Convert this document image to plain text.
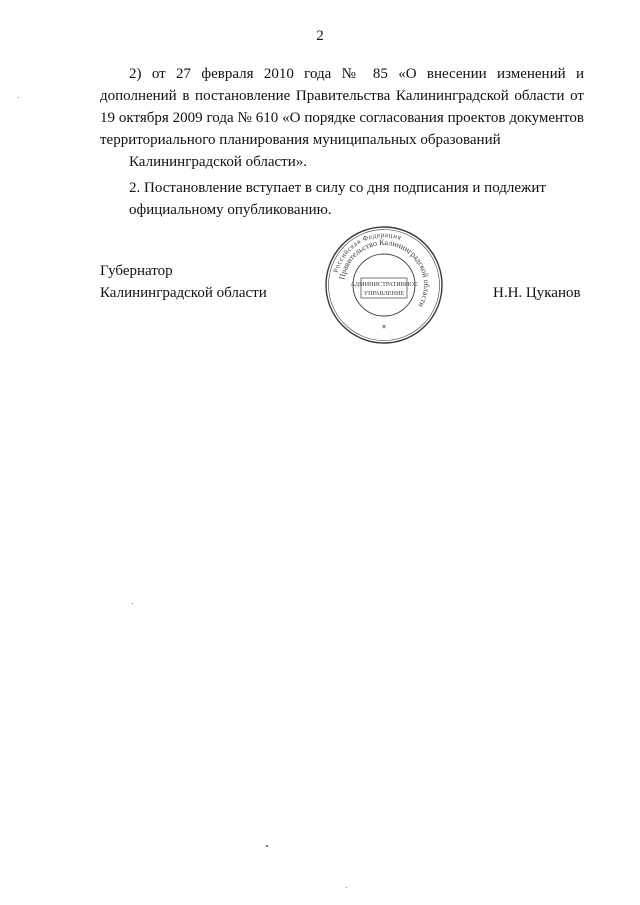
2

2) от 27 февраля 2010 года № 85 «О внесении изменений и дополнений в постановление Правительства Калининградской области от 19 октября 2009 года № 610 «О порядке согласования проектов документов территориального планирования муниципальных образований
Калининградской области».

2. Постановление вступает в силу со дня подписания и подлежит
официальному опубликованию.

Губернатор
Калининградской области	Н.Н. Цуканов
Российская Федерация
Правительство Калининградской области
АДМИНИСТРАТИВНОЕ
УПРАВЛЕНИЕ
*
